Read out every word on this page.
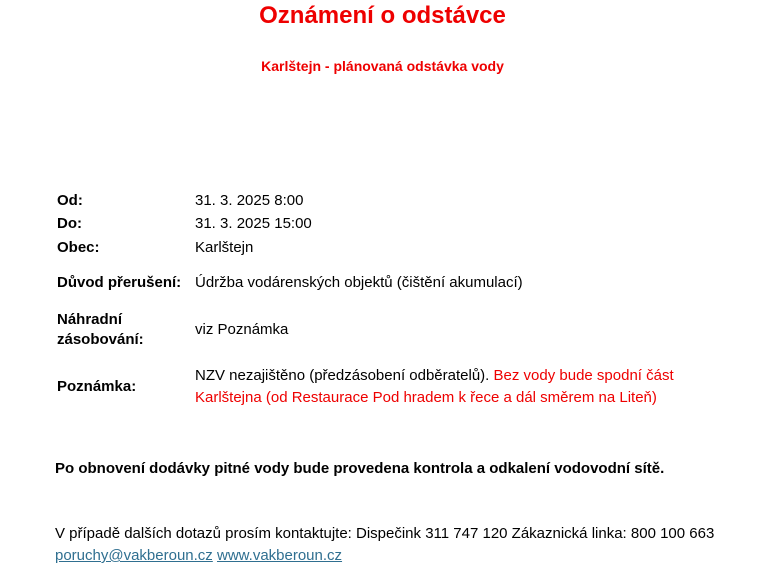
Oznámení o odstávce
Karlštejn - plánovaná odstávka vody
Od:	31. 3. 2025 8:00
Do:	31. 3. 2025 15:00
Obec:	Karlštejn
Důvod přerušení:	Údržba vodárenských objektů (čištění akumulací)
Náhradní zásobování:	viz Poznámka
Poznámka:	NZV nezajištěno (předzásobení odběratelů). Bez vody bude spodní část Karlštejna (od Restaurace Pod hradem k řece a dál směrem na Liteň)
Po obnovení dodávky pitné vody bude provedena kontrola a odkalení vodovodní sítě.
V případě dalších dotazů prosím kontaktujte: Dispečink 311 747 120 Zákaznická linka: 800 100 663 poruchy@vakberoun.cz www.vakberoun.cz
